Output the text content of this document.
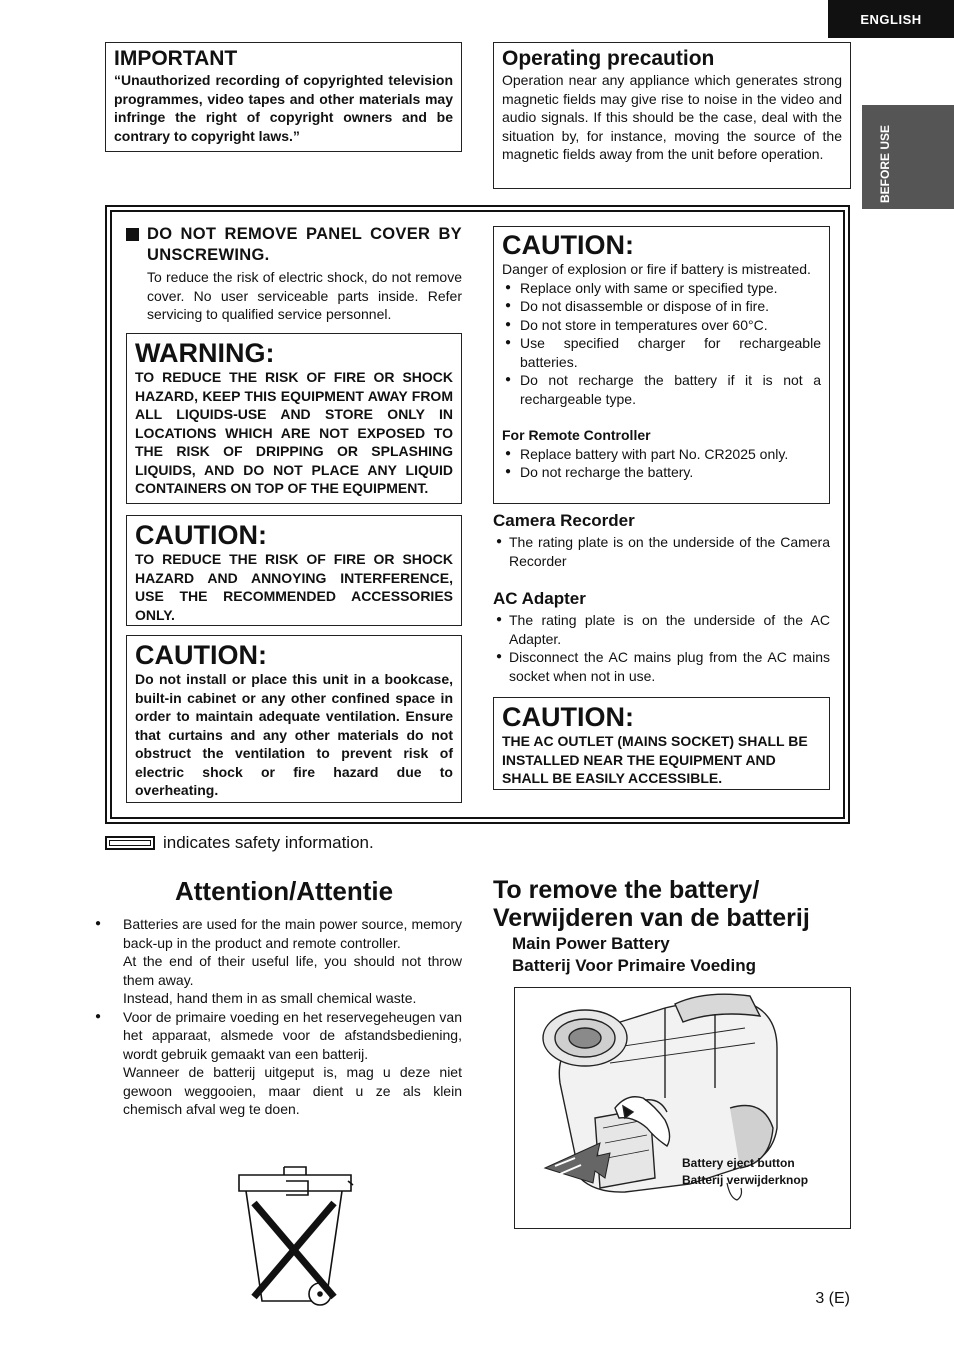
ENGLISH
BEFORE USE
IMPORTANT
“Unauthorized recording of copyrighted television programmes, video tapes and other materials may infringe the right of copyright owners and be contrary to copyright laws.”
Operating precaution
Operation near any appliance which generates strong magnetic fields may give rise to noise in the video and audio signals. If this should be the case, deal with the situation by, for instance, moving the source of the magnetic fields away from the unit before operation.
DO NOT REMOVE PANEL COVER BY UNSCREWING.
To reduce the risk of electric shock, do not remove cover. No user serviceable parts inside. Refer servicing to qualified service personnel.
WARNING:
TO REDUCE THE RISK OF FIRE OR SHOCK HAZARD, KEEP THIS EQUIPMENT AWAY FROM ALL LIQUIDS-USE AND STORE ONLY IN LOCATIONS WHICH ARE NOT EXPOSED TO THE RISK OF DRIPPING OR SPLASHING LIQUIDS, AND DO NOT PLACE ANY LIQUID CONTAINERS ON TOP OF THE EQUIPMENT.
CAUTION:
TO REDUCE THE RISK OF FIRE OR SHOCK HAZARD AND ANNOYING INTERFERENCE, USE THE RECOMMENDED ACCESSORIES ONLY.
CAUTION:
Do not install or place this unit in a bookcase, built-in cabinet or any other confined space in order to maintain adequate ventilation. Ensure that curtains and any other materials do not obstruct the ventilation to prevent risk of electric shock or fire hazard due to overheating.
CAUTION:
Danger of explosion or fire if battery is mistreated.
● Replace only with same or specified type.
● Do not disassemble or dispose of in fire.
● Do not store in temperatures over 60°C.
● Use specified charger for rechargeable batteries.
● Do not recharge the battery if it is not a rechargeable type.
For Remote Controller
● Replace battery with part No. CR2025 only.
● Do not recharge the battery.
Camera Recorder
● The rating plate is on the underside of the Camera Recorder
AC Adapter
● The rating plate is on the underside of the AC Adapter.
● Disconnect the AC mains plug from the AC mains socket when not in use.
CAUTION:
THE AC OUTLET (MAINS SOCKET) SHALL BE INSTALLED NEAR THE EQUIPMENT AND SHALL BE EASILY ACCESSIBLE.
indicates safety information.
Attention/Attentie
● Batteries are used for the main power source, memory back-up in the product and remote controller.
At the end of their useful life, you should not throw them away.
Instead, hand them in as small chemical waste.
● Voor de primaire voeding en het reservegeheugen van het apparaat, alsmede voor de afstandsbediening, wordt gebruik gemaakt van een batterij.
Wanneer de batterij uitgeput is, mag u deze niet gewoon weggooien, maar dient u ze als klein chemisch afval weg te doen.
To remove the battery/
Verwijderen van de batterij
Main Power Battery
Batterij Voor Primaire Voeding
Battery eject button
Batterij verwijderknop
3 (E)
